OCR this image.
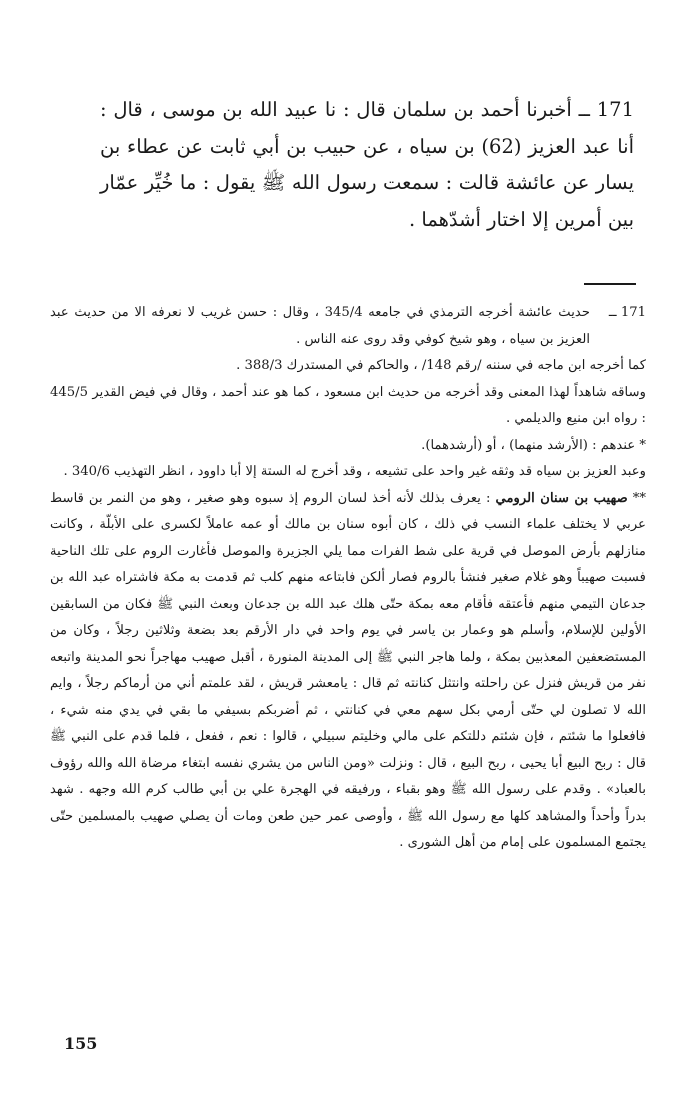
171 ــ أخبرنا أحمد بن سلمان قال : نا عبيد الله بن موسى ، قال : أنا عبد العزيز (62) بن سياه ، عن حبيب بن أبي ثابت عن عطاء بن يسار عن عائشة قالت : سمعت رسول الله ﷺ يقول : ما خُيِّر عمّار بين أمرين إلا اختار أشدّهما .

171 ــ

حديث عائشة أخرجه الترمذي في جامعه 345/4 ، وقال : حسن غريب لا نعرفه الا من حديث عبد العزيز بن سياه ، وهو شيخ كوفي وقد روى عنه الناس .

كما أخرجه ابن ماجه في سننه /رقم 148/ ، والحاكم في المستدرك 388/3 .

وساقه شاهداً لهذا المعنى وقد أخرجه من حديث ابن مسعود ، كما هو عند أحمد ، وقال في فيض القدير 445/5 : رواه ابن منيع والديلمي .

* عندهم : (الأرشد منهما) ، أو (أرشدهما).

وعبد العزيز بن سياه قد وثقه غير واحد على تشيعه ، وقد أخرج له الستة إلا أبا داوود ، انظر التهذيب 340/6 .

** صهيب بن سنان الرومي : يعرف بذلك لأنه أخذ لسان الروم إذ سبوه وهو صغير ، وهو من النمر بن قاسط عربي لا يختلف علماء النسب في ذلك ، كان أبوه سنان بن مالك أو عمه عاملاً لكسرى على الأبلّة ، وكانت منازلهم بأرض الموصل في قرية على شط الفرات مما يلي الجزيرة والموصل فأغارت الروم على تلك الناحية فسبت صهيباً وهو غلام صغير فنشأ بالروم فصار ألكن فابتاعه منهم كلب ثم قدمت به مكة فاشتراه عبد الله بن جدعان التيمي منهم فأعتقه فأقام معه بمكة حتّى هلك عبد الله بن جدعان وبعث النبي ﷺ فكان من السابقين الأولين للإسلام، وأسلم هو وعمار بن ياسر في يوم واحد في دار الأرقم بعد بضعة وثلاثين رجلاً ، وكان من المستضعفين المعذبين بمكة ، ولما هاجر النبي ﷺ إلى المدينة المنورة ، أقبل صهيب مهاجراً نحو المدينة واتبعه نفر من قريش فنزل عن راحلته وانتثل كنانته ثم قال : يامعشر قريش ، لقد علمتم أني من أرماكم رجلاً ، وايم الله لا تصلون لي حتّى أرمي بكل سهم معي في كنانتي ، ثم أضربكم بسيفي ما بقي في يدي منه شيء ، فافعلوا ما شئتم ، فإن شئتم دللتكم على مالي وخليتم سبيلي ، قالوا : نعم ، ففعل ، فلما قدم على النبي ﷺ قال : ربح البيع أبا يحيى ، ربح البيع ، قال : ونزلت «ومن الناس من يشري نفسه ابتغاء مرضاة الله والله رؤوف بالعباد» . وقدم على رسول الله ﷺ وهو بقباء ، ورفيقه في الهجرة علي بن أبي طالب كرم الله وجهه . شهد بدراً وأحداً والمشاهد كلها مع رسول الله ﷺ ، وأوصى عمر حين طعن ومات أن يصلي صهيب بالمسلمين حتّى يجتمع المسلمون على إمام من أهل الشورى .

155
